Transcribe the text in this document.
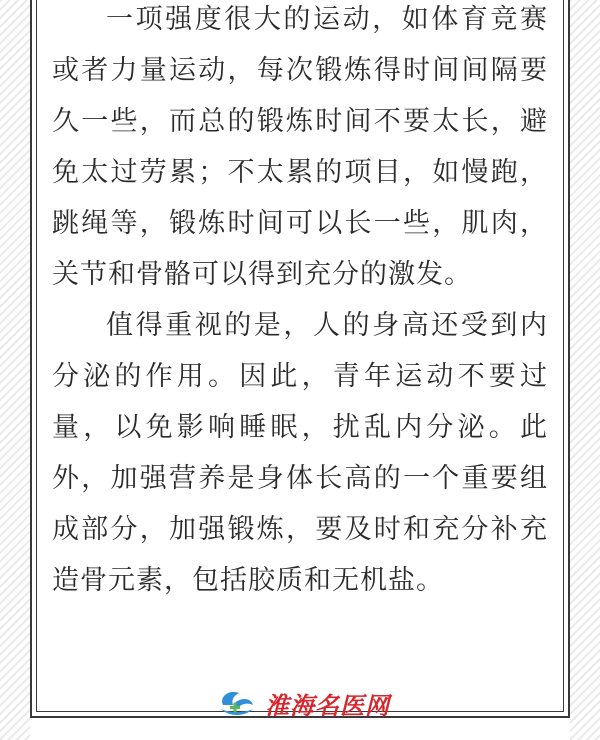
一项强度很大的运动，如体育竞赛或者力量运动，每次锻炼得时间间隔要久一些，而总的锻炼时间不要太长，避免太过劳累；不太累的项目，如慢跑，跳绳等，锻炼时间可以长一些，肌肉，关节和骨骼可以得到充分的激发。

值得重视的是，人的身高还受到内分泌的作用。因此，青年运动不要过量，以免影响睡眠，扰乱内分泌。此外，加强营养是身体长高的一个重要组成部分，加强锻炼，要及时和充分补充造骨元素，包括胶质和无机盐。

淮海名医网
